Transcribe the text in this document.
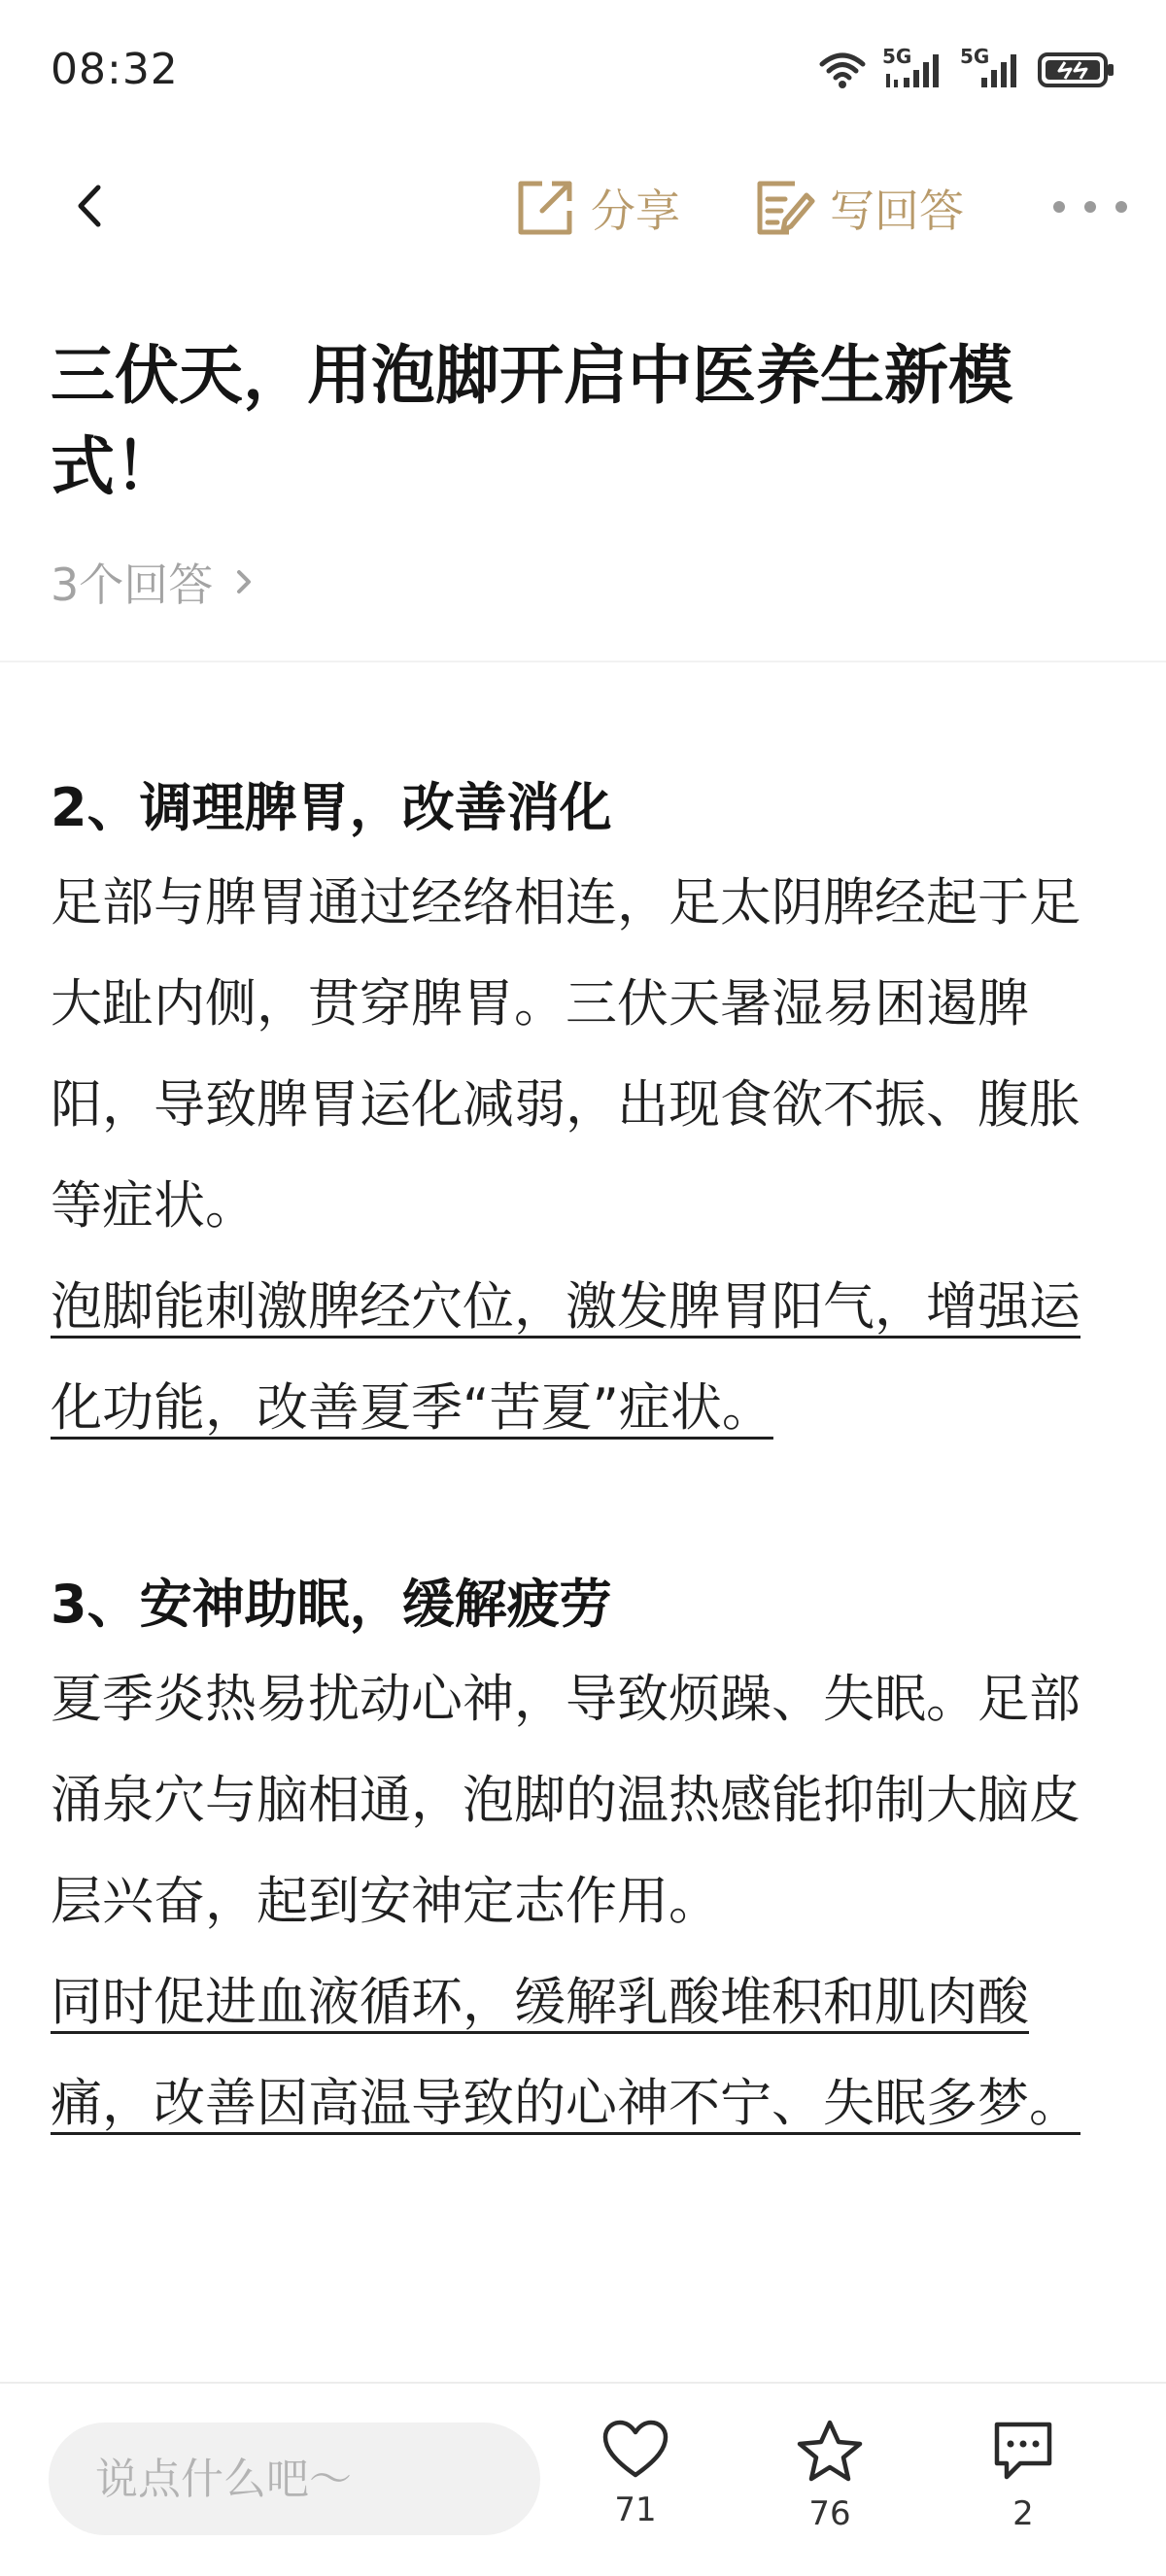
08:32	5G 5G
分享	写回答
三伏天，用泡脚开启中医养生新模式！
3个回答
2、调理脾胃，改善消化

足部与脾胃通过经络相连，足太阴脾经起于足大趾内侧，贯穿脾胃。三伏天暑湿易困遏脾阳，导致脾胃运化减弱，出现食欲不振、腹胀等症状。

泡脚能刺激脾经穴位，激发脾胃阳气，增强运化功能，改善夏季“苦夏”症状。

3、安神助眠，缓解疲劳

夏季炎热易扰动心神，导致烦躁、失眠。足部涌泉穴与脑相通，泡脚的温热感能抑制大脑皮层兴奋，起到安神定志作用。

同时促进血液循环，缓解乳酸堆积和肌肉酸痛，改善因高温导致的心神不宁、失眠多梦。

说点什么吧～
71	76	2
